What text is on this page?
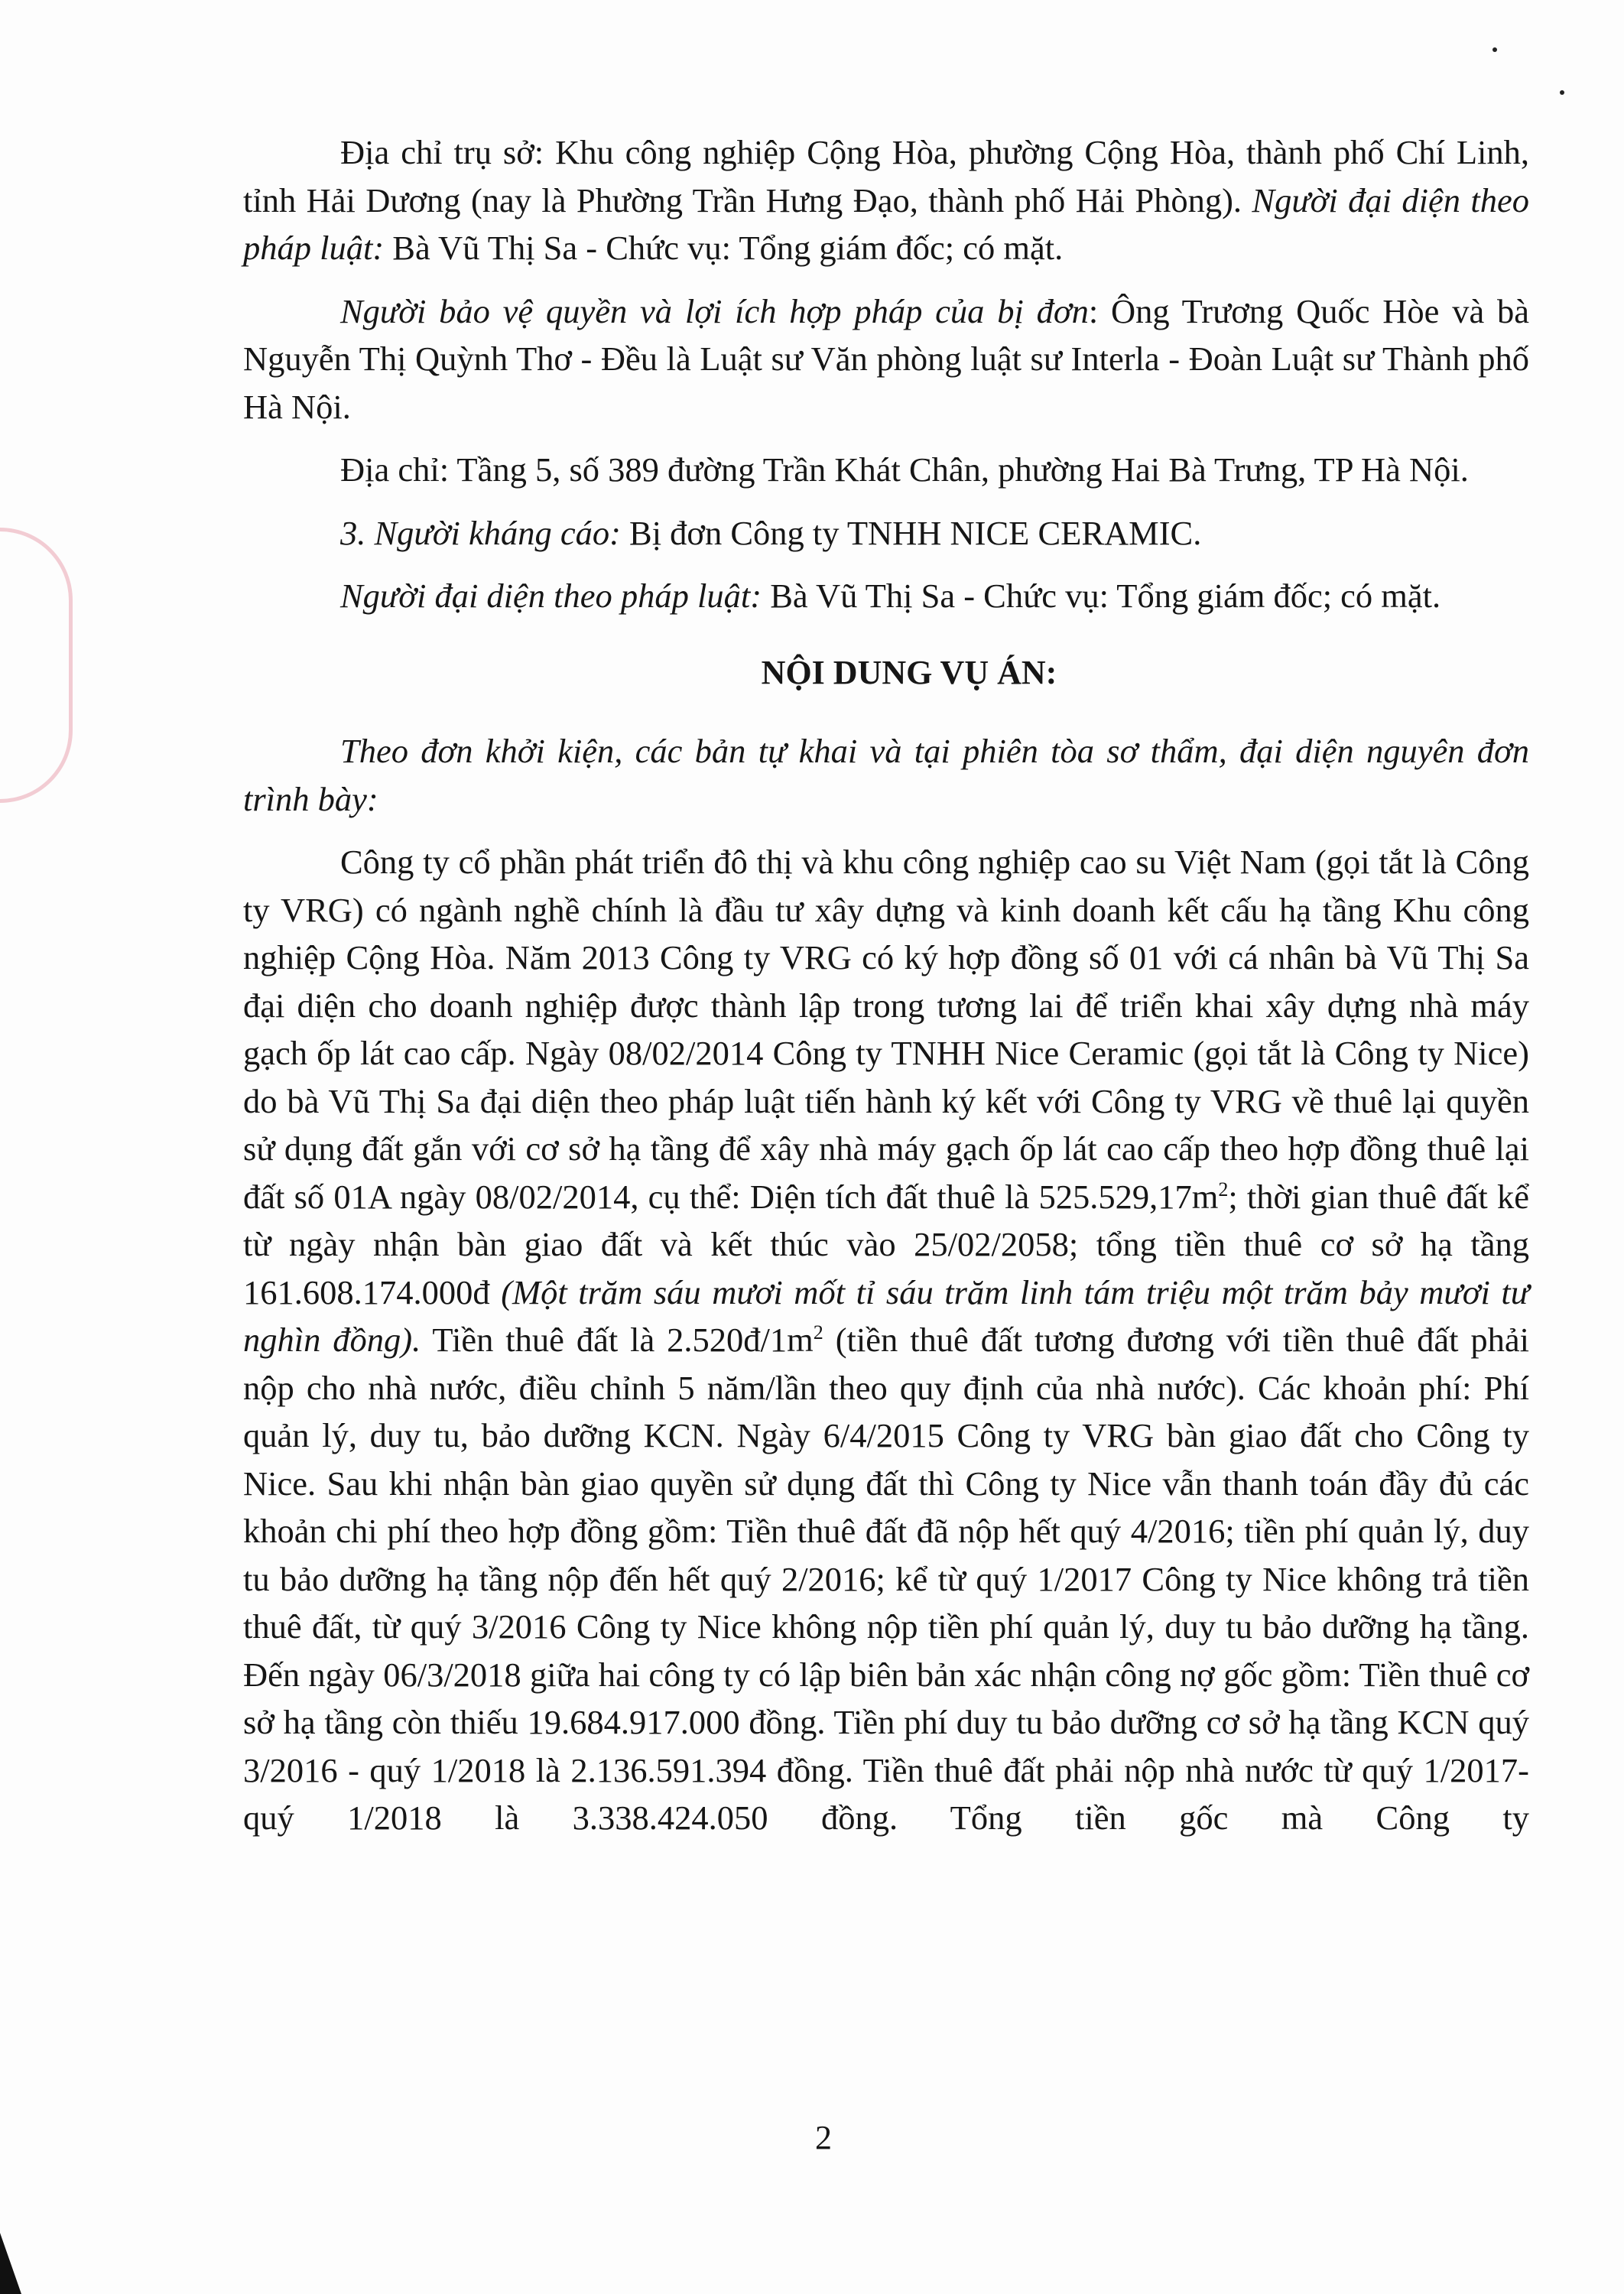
Địa chỉ trụ sở: Khu công nghiệp Cộng Hòa, phường Cộng Hòa, thành phố Chí Linh, tỉnh Hải Dương (nay là Phường Trần Hưng Đạo, thành phố Hải Phòng). Người đại diện theo pháp luật: Bà Vũ Thị Sa - Chức vụ: Tổng giám đốc; có mặt.

Người bảo vệ quyền và lợi ích hợp pháp của bị đơn: Ông Trương Quốc Hòe và bà Nguyễn Thị Quỳnh Thơ - Đều là Luật sư Văn phòng luật sư Interla - Đoàn Luật sư Thành phố Hà Nội.

Địa chỉ: Tầng 5, số 389 đường Trần Khát Chân, phường Hai Bà Trưng, TP Hà Nội.

3. Người kháng cáo: Bị đơn Công ty TNHH NICE CERAMIC.

Người đại diện theo pháp luật: Bà Vũ Thị Sa - Chức vụ: Tổng giám đốc; có mặt.

NỘI DUNG VỤ ÁN:

Theo đơn khởi kiện, các bản tự khai và tại phiên tòa sơ thẩm, đại diện nguyên đơn trình bày:

Công ty cổ phần phát triển đô thị và khu công nghiệp cao su Việt Nam (gọi tắt là Công ty VRG) có ngành nghề chính là đầu tư xây dựng và kinh doanh kết cấu hạ tầng Khu công nghiệp Cộng Hòa. Năm 2013 Công ty VRG có ký hợp đồng số 01 với cá nhân bà Vũ Thị Sa đại diện cho doanh nghiệp được thành lập trong tương lai để triển khai xây dựng nhà máy gạch ốp lát cao cấp. Ngày 08/02/2014 Công ty TNHH Nice Ceramic (gọi tắt là Công ty Nice) do bà Vũ Thị Sa đại diện theo pháp luật tiến hành ký kết với Công ty VRG về thuê lại quyền sử dụng đất gắn với cơ sở hạ tầng để xây nhà máy gạch ốp lát cao cấp theo hợp đồng thuê lại đất số 01A ngày 08/02/2014, cụ thể: Diện tích đất thuê là $525.529,17m^2$; thời gian thuê đất kể từ ngày nhận bàn giao đất và kết thúc vào 25/02/2058; tổng tiền thuê cơ sở hạ tầng 161.608.174.000đ (Một trăm sáu mươi mốt tỉ sáu trăm linh tám triệu một trăm bảy mươi tư nghìn đồng). Tiền thuê đất là $2.520đ/1m^2$ (tiền thuê đất tương đương với tiền thuê đất phải nộp cho nhà nước, điều chỉnh 5 năm/lần theo quy định của nhà nước). Các khoản phí: Phí quản lý, duy tu, bảo dưỡng KCN. Ngày 6/4/2015 Công ty VRG bàn giao đất cho Công ty Nice. Sau khi nhận bàn giao quyền sử dụng đất thì Công ty Nice vẫn thanh toán đầy đủ các khoản chi phí theo hợp đồng gồm: Tiền thuê đất đã nộp hết quý 4/2016; tiền phí quản lý, duy tu bảo dưỡng hạ tầng nộp đến hết quý 2/2016; kể từ quý 1/2017 Công ty Nice không trả tiền thuê đất, từ quý 3/2016 Công ty Nice không nộp tiền phí quản lý, duy tu bảo dưỡng hạ tầng. Đến ngày 06/3/2018 giữa hai công ty có lập biên bản xác nhận công nợ gốc gồm: Tiền thuê cơ sở hạ tầng còn thiếu 19.684.917.000 đồng. Tiền phí duy tu bảo dưỡng cơ sở hạ tầng KCN quý 3/2016 - quý 1/2018 là 2.136.591.394 đồng. Tiền thuê đất phải nộp nhà nước từ quý 1/2017- quý 1/2018 là 3.338.424.050 đồng. Tổng tiền gốc mà Công ty

2
